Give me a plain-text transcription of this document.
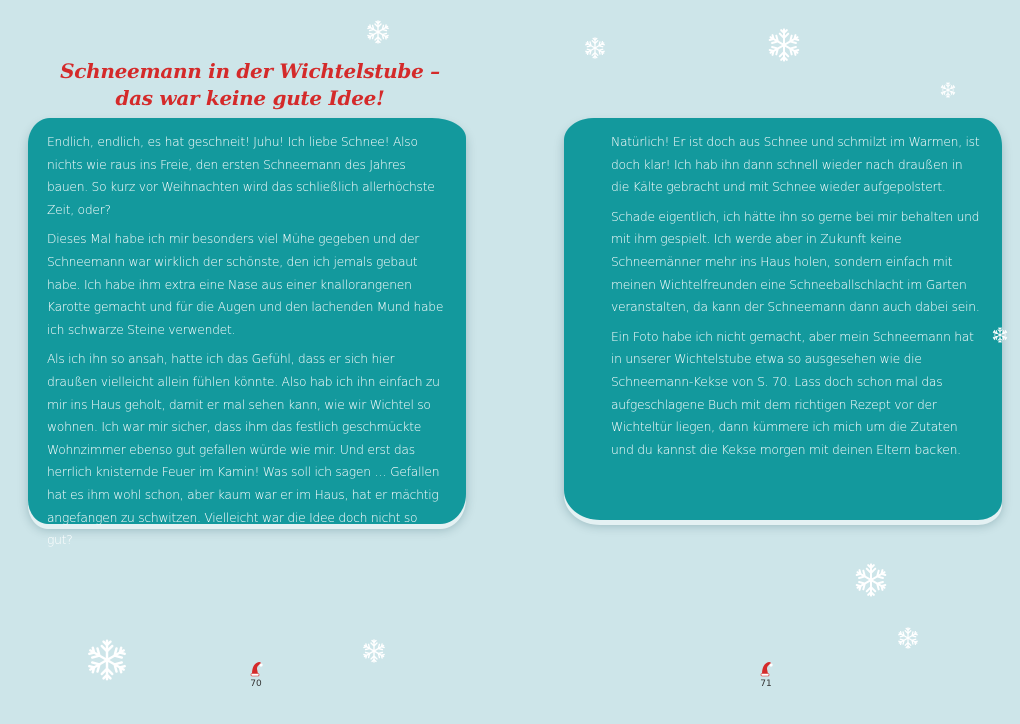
Schneemann in der Wichtelstube –
das war keine gute Idee!

Endlich, endlich, es hat geschneit! Juhu! Ich liebe Schnee! Also nichts wie raus ins Freie, den ersten Schneemann des Jahres bauen. So kurz vor Weihnachten wird das schließlich allerhöchste Zeit, oder?

Dieses Mal habe ich mir besonders viel Mühe gegeben und der Schneemann war wirklich der schönste, den ich jemals gebaut habe. Ich habe ihm extra eine Nase aus einer knallorangenen Karotte gemacht und für die Augen und den lachenden Mund habe ich schwarze Steine verwendet.

Als ich ihn so ansah, hatte ich das Gefühl, dass er sich hier draußen vielleicht allein fühlen könnte. Also hab ich ihn einfach zu mir ins Haus geholt, damit er mal sehen kann, wie wir Wichtel so wohnen. Ich war mir sicher, dass ihm das festlich geschmückte Wohnzimmer ebenso gut gefallen würde wie mir. Und erst das herrlich knisternde Feuer im Kamin! Was soll ich sagen … Gefallen hat es ihm wohl schon, aber kaum war er im Haus, hat er mächtig angefangen zu schwitzen. Vielleicht war die Idee doch nicht so gut?

70	71

Natürlich! Er ist doch aus Schnee und schmilzt im Warmen, ist doch klar! Ich hab ihn dann schnell wieder nach draußen in die Kälte gebracht und mit Schnee wieder aufgepolstert.

Schade eigentlich, ich hätte ihn so gerne bei mir behalten und mit ihm gespielt. Ich werde aber in Zukunft keine Schneemänner mehr ins Haus holen, sondern einfach mit meinen Wichtelfreunden eine Schneeballschlacht im Garten veranstalten, da kann der Schneemann dann auch dabei sein.

Ein Foto habe ich nicht gemacht, aber mein Schneemann hat in unserer Wichtelstube etwa so ausgesehen wie die Schneemann-Kekse von S. 70. Lass doch schon mal das aufgeschlagene Buch mit dem richtigen Rezept vor der Wichteltür liegen, dann kümmere ich mich um die Zutaten und du kannst die Kekse morgen mit deinen Eltern backen.
